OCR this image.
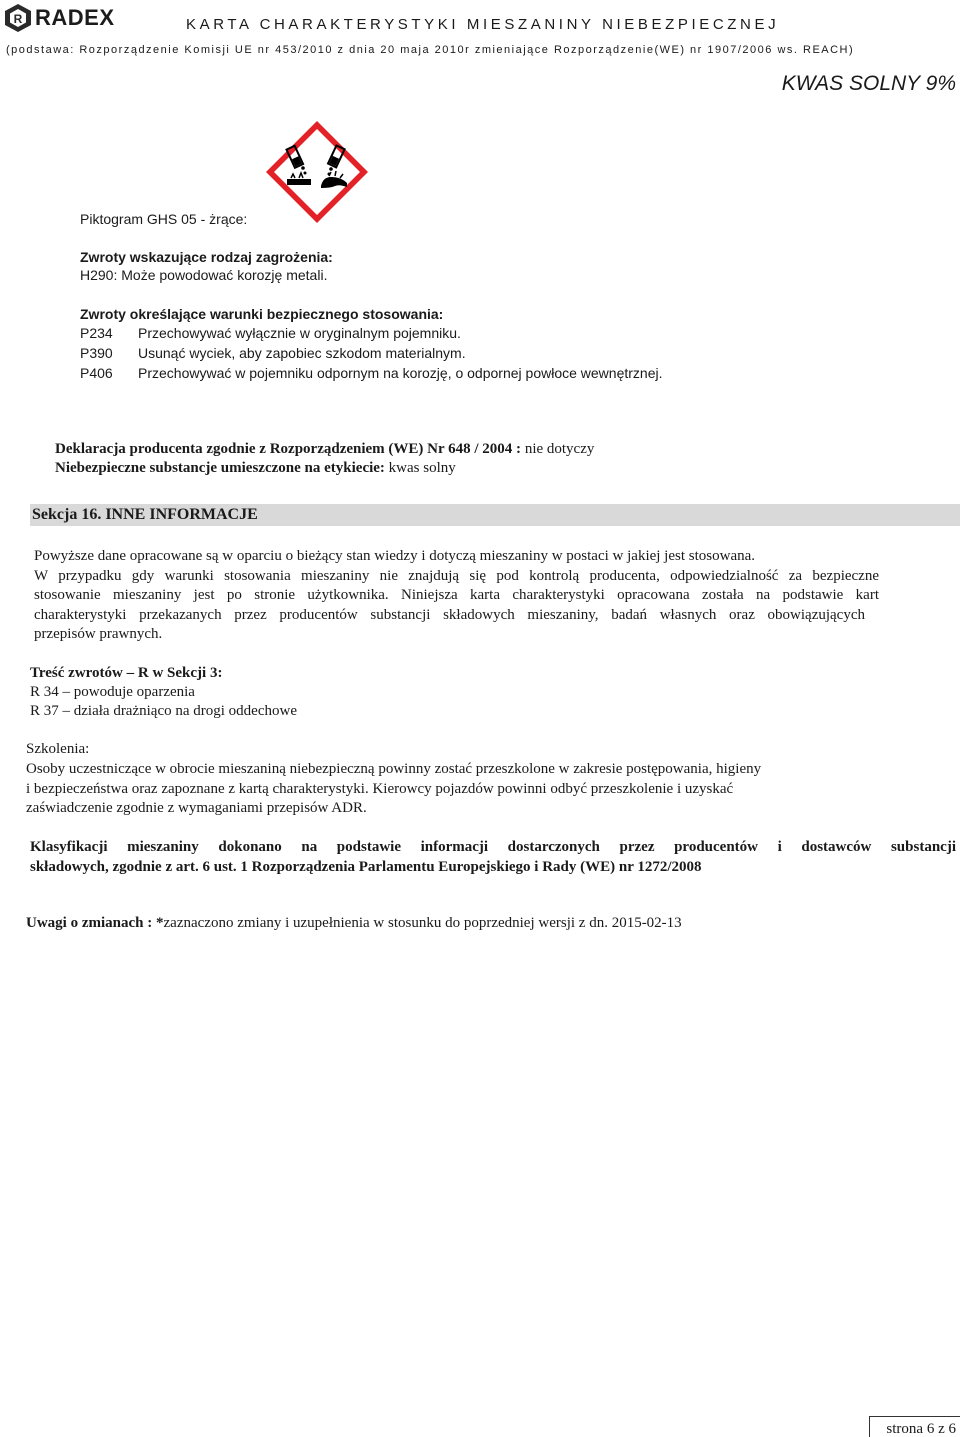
R RADEX	KARTA CHARAKTERYSTYKI MIESZANINY NIEBEZPIECZNEJ
(podstawa: Rozporządzenie Komisji UE nr 453/2010 z dnia 20 maja 2010r zmieniające Rozporządzenie(WE) nr 1907/2006 ws. REACH)
KWAS SOLNY 9%
Piktogram GHS 05 - żrące:
Zwroty wskazujące rodzaj zagrożenia:
H290: Może powodować korozję metali.
Zwroty określające warunki bezpiecznego stosowania:
P234 Przechowywać wyłącznie w oryginalnym pojemniku.
P390 Usunąć wyciek, aby zapobiec szkodom materialnym.
P406 Przechowywać w pojemniku odpornym na korozję, o odpornej powłoce wewnętrznej.
Deklaracja producenta zgodnie z Rozporządzeniem (WE) Nr 648 / 2004 : nie dotyczy
Niebezpieczne substancje umieszczone na etykiecie: kwas solny
Sekcja 16. INNE INFORMACJE
Powyższe dane opracowane są w oparciu o bieżący stan wiedzy i dotyczą mieszaniny w postaci w jakiej jest stosowana.
W przypadku gdy warunki stosowania mieszaniny nie znajdują się pod kontrolą producenta, odpowiedzialność za bezpieczne
stosowanie mieszaniny jest po stronie użytkownika. Niniejsza karta charakterystyki opracowana została na podstawie kart
charakterystyki przekazanych przez producentów substancji składowych mieszaniny, badań własnych oraz obowiązujących
przepisów prawnych.
Treść zwrotów – R w Sekcji 3:
R 34 – powoduje oparzenia
R 37 – działa drażniąco na drogi oddechowe
Szkolenia:
Osoby uczestniczące w obrocie mieszaniną niebezpieczną powinny zostać przeszkolone w zakresie postępowania, higieny
i bezpieczeństwa oraz zapoznane z kartą charakterystyki. Kierowcy pojazdów powinni odbyć przeszkolenie i uzyskać
zaświadczenie zgodnie z wymaganiami przepisów ADR.
Klasyfikacji mieszaniny dokonano na podstawie informacji dostarczonych przez producentów i dostawców substancji
składowych, zgodnie z art. 6 ust. 1 Rozporządzenia Parlamentu Europejskiego i Rady (WE) nr 1272/2008
Uwagi o zmianach : *zaznaczono zmiany i uzupełnienia w stosunku do poprzedniej wersji z dn. 2015-02-13
strona 6 z 6
